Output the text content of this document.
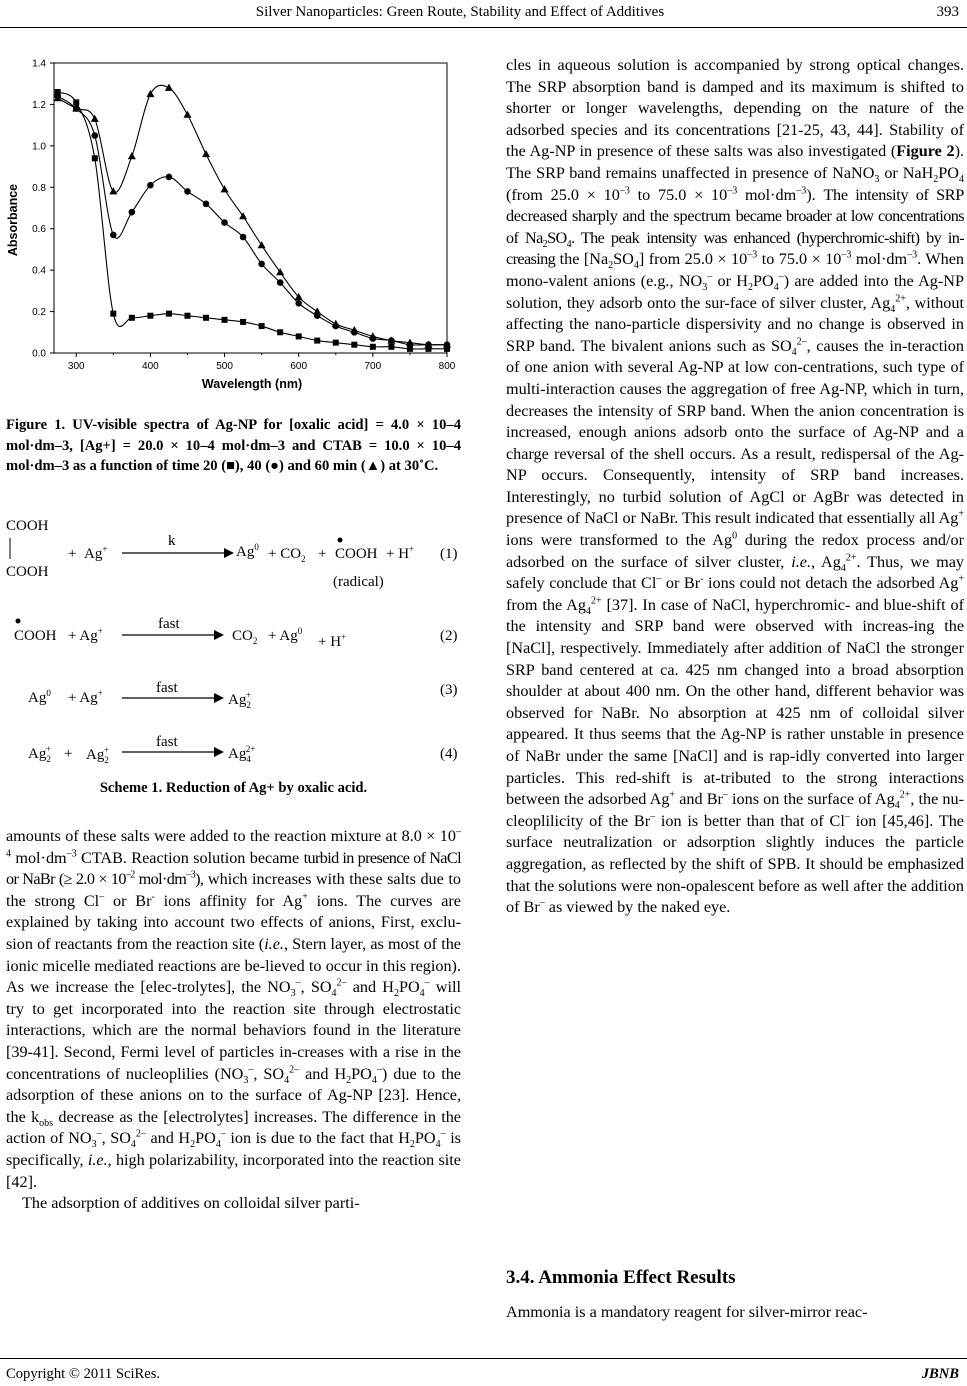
Silver Nanoparticles: Green Route, Stability and Effect of Additives	393
0.0
0.2
0.4
0.6
0.8
1.0
1.2
1.4
300	400	500	600	700	800
Wavelength (nm)
Absorbance
Figure 1. UV-visible spectra of Ag-NP for [oxalic acid] = 4.0 × 10–4 mol·dm–3, [Ag+] = 20.0 × 10–4 mol·dm–3 and CTAB = 10.0 × 10–4 mol·dm–3 as a function of time 20 (■), 40 (●) and 60 min (▲) at 30˚C.
COOH
COOH
+ Ag+	k
$Ag^0 + CO_2$ + COOH + H+
(radical)
(1)
COOH + Ag+	fast
$CO_2 + Ag^0$
+ H+	(2)
$Ag^0 + Ag^+$	fast
$Ag_2+$	(3)
$Ag_2+ + Ag_2+$	fast
$Ag_42+$	(4)
Scheme 1. Reduction of Ag+ by oxalic acid.

amounts of these salts were added to the reaction mixture at $8.0 \times 10^{-4}$ $mol\cdot dm^{-3}$ CTAB. Reaction solution became turbid in presence of NaCl or NaBr (≥ $2.0 \times 10^{-2}$ $mol\cdot dm^{-3}$), which increases with these salts due to the strong Cl– or Br- ions affinity for Ag+ ions. The curves are explained by taking into account two effects of anions, First, exclu-sion of reactants from the reaction site (i.e., Stern layer, as most of the ionic micelle mediated reactions are be-lieved to occur in this region). As we increase the [elec-trolytes], the $NO_3^-$, $SO_4^{2-}$ and $H_2PO_4^-$ will try to get incorporated into the reaction site through electrostatic interactions, which are the normal behaviors found in the literature [39-41]. Second, Fermi level of particles in-creases with a rise in the concentrations of nucleoplilies ($NO_3^-$, $SO_4^{2-}$ and $H_2PO_4^-$) due to the adsorption of these anions on to the surface of Ag-NP [23]. Hence, the $k_{obs}$ decrease as the [electrolytes] increases. The difference in the action of $NO_3^-$, $SO_4^{2-}$ and $H_2PO_4^-$ ion is due to the fact that $H_2PO_4^-$ is specifically, i.e., high polarizability, incorporated into the reaction site [42].

The adsorption of additives on colloidal silver parti-

cles in aqueous solution is accompanied by strong optical changes. The SRP absorption band is damped and its maximum is shifted to shorter or longer wavelengths, depending on the nature of the adsorbed species and its concentrations [21-25, 43, 44]. Stability of the Ag-NP in presence of these salts was also investigated (Figure 2). The SRP band remains unaffected in presence of NaNO$_3$ or $NaH_2PO_4$ (from $25.0 \times 10^{-3}$ to $75.0 \times 10^{-3}$ $mol\cdot dm^{-3}$). The intensity of SRP decreased sharply and the spectrum became broader at low concentrations of $Na_2SO_4$. The peak intensity was enhanced (hyperchromic-shift) by in- creasing the $[Na_2SO_4]$ from $25.0 \times 10^{-3}$ to $75.0 \times 10^{-3}$ $mol\cdot dm^{-3}$. When mono-valent anions (e.g., $NO_3^-$ or $H_2PO_4^-$) are added into the Ag-NP solution, they adsorb onto the sur-face of silver cluster, $Ag_4^{2+}$, without affecting the nano-particle dispersivity and no change is observed in SRP band. The bivalent anions such as $SO_4^{2-}$, causes the in-teraction of one anion with several Ag-NP at low con-centrations, such type of multi-interaction causes the aggregation of free Ag-NP, which in turn, decreases the intensity of SRP band. When the anion concentration is increased, enough anions adsorb onto the surface of Ag-NP and a charge reversal of the shell occurs. As a result, redispersal of the Ag-NP occurs. Consequently, intensity of SRP band increases. Interestingly, no turbid solution of AgCl or AgBr was detected in presence of NaCl or NaBr. This result indicated that essentially all Ag+ ions were transformed to the Ag$^0$ during the redox process and/or adsorbed on the surface of silver cluster, i.e., $Ag_4^{2+}$. Thus, we may safely conclude that Cl– or Br- ions could not detach the adsorbed Ag+ from the $Ag_4^{2+}$ [37]. In case of NaCl, hyperchromic- and blue-shift of the intensity and SRP band were observed with increas-ing the [NaCl], respectively. Immediately after addition of NaCl the stronger SRP band centered at ca. 425 nm changed into a broad absorption shoulder at about 400 nm. On the other hand, different behavior was observed for NaBr. No absorption at 425 nm of colloidal silver appeared. It thus seems that the Ag-NP is rather unstable in presence of NaBr under the same [NaCl] and is rap-idly converted into larger particles. This red-shift is at-tributed to the strong interactions between the adsorbed Ag+ and Br– ions on the surface of $Ag_4^{2+}$, the nu-cleoplilicity of the Br– ion is better than that of Cl– ion [45,46]. The surface neutralization or adsorption slightly induces the particle aggregation, as reflected by the shift of SPB. It should be emphasized that the solutions were non-opalescent before as well after the addition of Br– as viewed by the naked eye.

3.4. Ammonia Effect Results

Ammonia is a mandatory reagent for silver-mirror reac-

Copyright © 2011 SciRes.	JBNB
